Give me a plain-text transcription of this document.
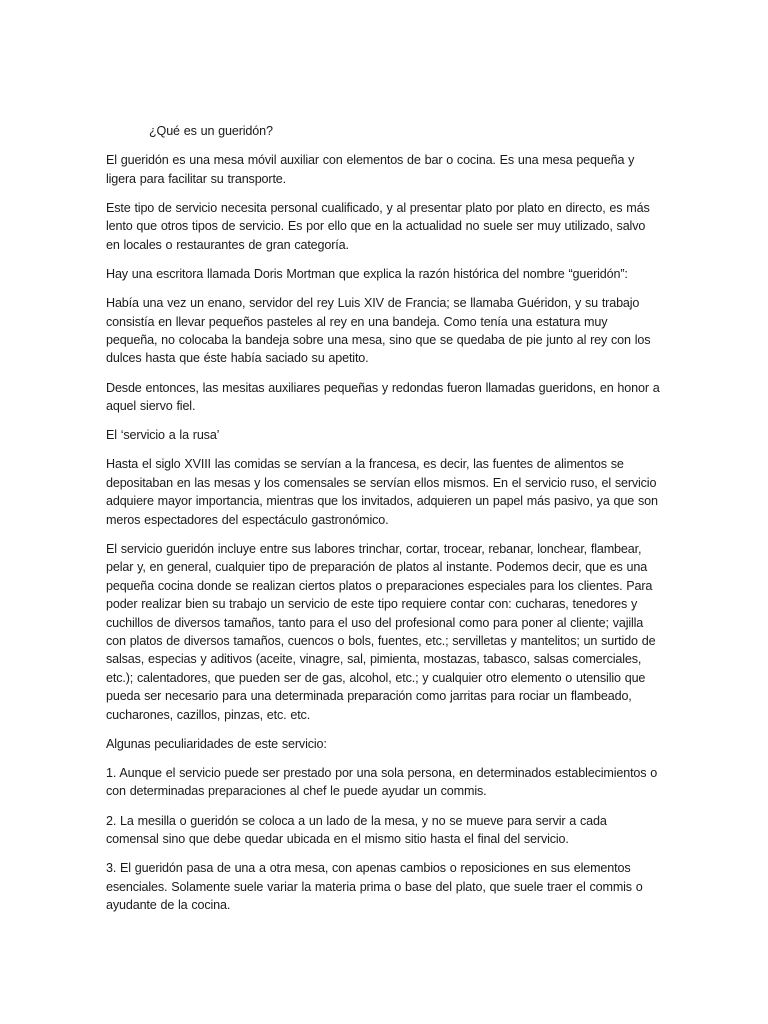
¿Qué es un gueridón?

El gueridón es una mesa móvil auxiliar con elementos de bar o cocina. Es una mesa pequeña y ligera para facilitar su transporte.

Este tipo de servicio necesita personal cualificado, y al presentar plato por plato en directo, es más lento que otros tipos de servicio. Es por ello que en la actualidad no suele ser muy utilizado, salvo en locales o restaurantes de gran categoría.

Hay una escritora llamada Doris Mortman que explica la razón histórica del nombre “gueridón”:

Había una vez un enano, servidor del rey Luis XIV de Francia; se llamaba Guéridon, y su trabajo consistía en llevar pequeños pasteles al rey en una bandeja. Como tenía una estatura muy pequeña, no colocaba la bandeja sobre una mesa, sino que se quedaba de pie junto al rey con los dulces hasta que éste había saciado su apetito.

Desde entonces, las mesitas auxiliares pequeñas y redondas fueron llamadas gueridons, en honor a aquel siervo fiel.

El ‘servicio a la rusa’

Hasta el siglo XVIII las comidas se servían a la francesa, es decir, las fuentes de alimentos se depositaban en las mesas y los comensales se servían ellos mismos. En el servicio ruso, el servicio adquiere mayor importancia, mientras que los invitados, adquieren un papel más pasivo, ya que son meros espectadores del espectáculo gastronómico.

El servicio gueridón incluye entre sus labores trinchar, cortar, trocear, rebanar, lonchear, flambear, pelar y, en general, cualquier tipo de preparación de platos al instante. Podemos decir, que es una pequeña cocina donde se realizan ciertos platos o preparaciones especiales para los clientes. Para poder realizar bien su trabajo un servicio de este tipo requiere contar con: cucharas, tenedores y cuchillos de diversos tamaños, tanto para el uso del profesional como para poner al cliente; vajilla con platos de diversos tamaños, cuencos o bols, fuentes, etc.; servilletas y mantelitos; un surtido de salsas, especias y aditivos (aceite, vinagre, sal, pimienta, mostazas, tabasco, salsas comerciales, etc.); calentadores, que pueden ser de gas, alcohol, etc.; y cualquier otro elemento o utensilio que pueda ser necesario para una determinada preparación como jarritas para rociar un flambeado, cucharones, cazillos, pinzas, etc. etc.

Algunas peculiaridades de este servicio:

1. Aunque el servicio puede ser prestado por una sola persona, en determinados establecimientos o con determinadas preparaciones al chef le puede ayudar un commis.

2. La mesilla o gueridón se coloca a un lado de la mesa, y no se mueve para servir a cada comensal sino que debe quedar ubicada en el mismo sitio hasta el final del servicio.

3. El gueridón pasa de una a otra mesa, con apenas cambios o reposiciones en sus elementos esenciales. Solamente suele variar la materia prima o base del plato, que suele traer el commis o ayudante de la cocina.
